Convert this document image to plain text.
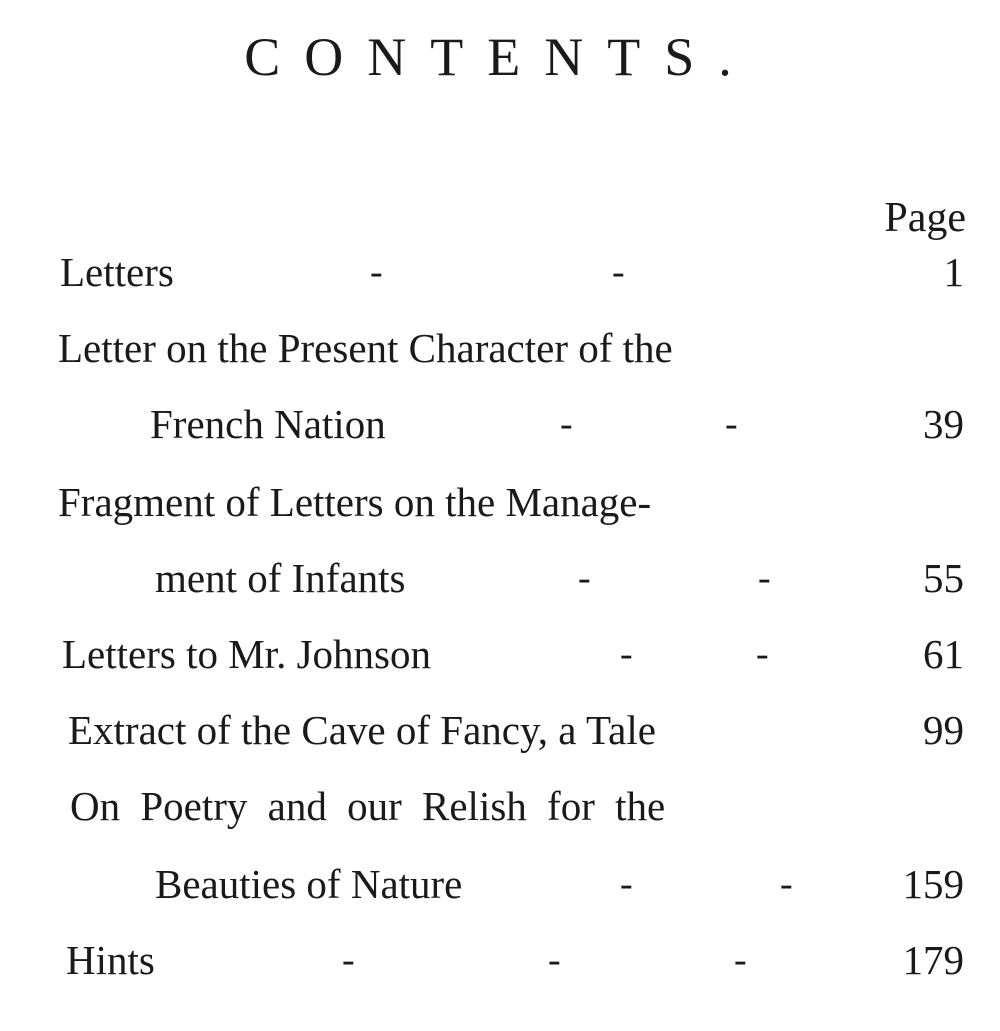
CONTENTS.
Page
Letters	-	-	1
Letter on the Present Character of the
French Nation	-	-	39
Fragment of Letters on the Manage-
ment of Infants	-	-	55
Letters to Mr. Johnson	-	-	61
Extract of the Cave of Fancy, a Tale	99
On Poetry and our Relish for the
Beauties of Nature	-	-	159
Hints	-	-	-	179
